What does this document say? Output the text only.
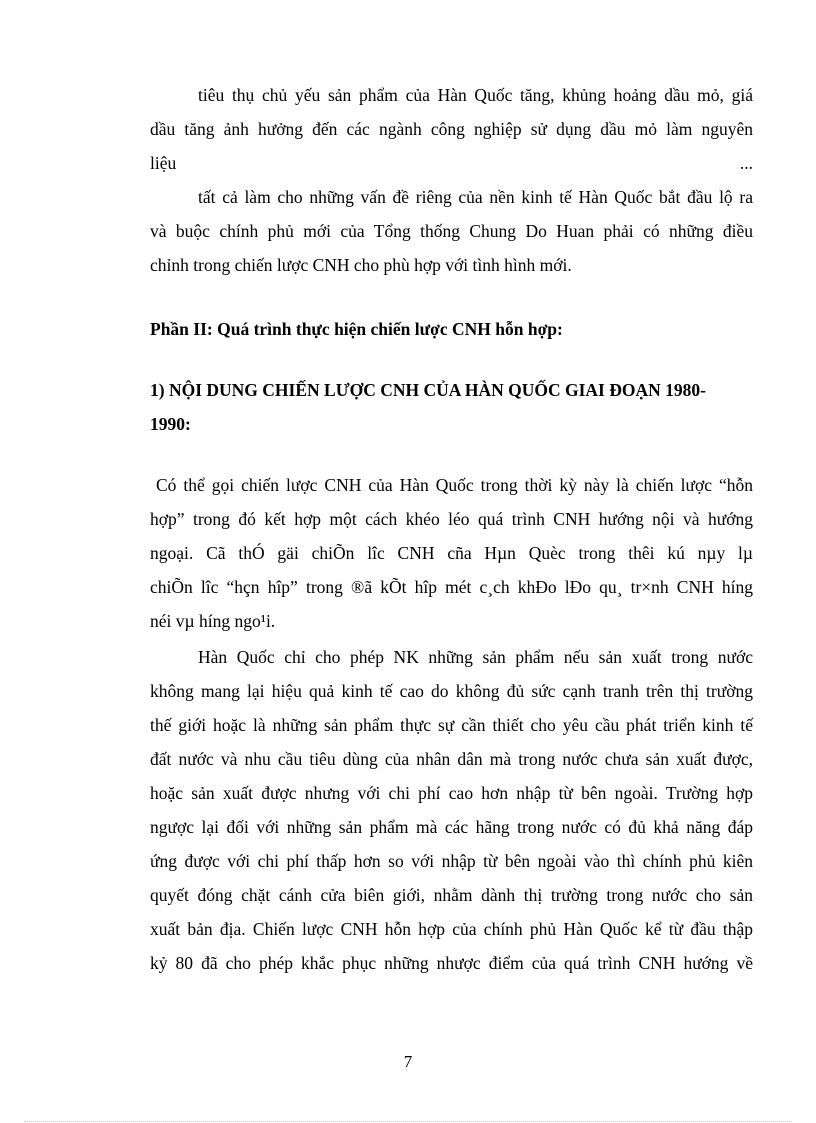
tiêu thụ chủ yếu sản phẩm của Hàn Quốc tăng, khủng hoảng dầu mỏ, giá
dầu tăng ảnh hưởng đến các ngành công nghiệp sử dụng dầu mỏ làm nguyên
liệu	...
tất cả làm cho những vấn đề riêng của nền kinh tế Hàn Quốc bắt đầu lộ ra
và buộc chính phủ mới của Tổng thống Chung Do Huan phải có những điều
chỉnh trong chiến lược CNH cho phù hợp với tình hình mới.

Phần II: Quá trình thực hiện chiến lược CNH hỗn hợp:

1) NỘI DUNG CHIẾN LƯỢC CNH CỦA HÀN QUỐC GIAI ĐOẠN 1980-
1990:

Có thể gọi chiến lược CNH của Hàn Quốc trong thời kỳ này là chiến lược “hỗn
hợp” trong đó kết hợp một cách khéo léo quá trình CNH hướng nội và hướng
ngoại. Cã thÓ gäi chiÕn lîc CNH cña Hµn Quèc trong thêi kú nµy lµ
chiÕn lîc “hçn hîp” trong ®ã kÕt hîp mét c¸ch khÐo lÐo qu¸ tr×nh CNH híng
néi vµ híng ngo¹i.
Hàn Quốc chỉ cho phép NK những sản phẩm nếu sản xuất trong nước
không mang lại hiệu quả kinh tế cao do không đủ sức cạnh tranh trên thị trường
thế giới hoặc là những sản phẩm thực sự cần thiết cho yêu cầu phát triển kinh tế
đất nước và nhu cầu tiêu dùng của nhân dân mà trong nước chưa sản xuất được,
hoặc sản xuất được nhưng với chi phí cao hơn nhập từ bên ngoài. Trường hợp
ngược lại đối với những sản phẩm mà các hãng trong nước có đủ khả năng đáp
ứng được với chi phí thấp hơn so với nhập từ bên ngoài vào thì chính phủ kiên
quyết đóng chặt cánh cửa biên giới, nhằm dành thị trường trong nước cho sản
xuất bản địa. Chiến lược CNH hỗn hợp của chính phủ Hàn Quốc kể từ đầu thập
kỷ 80 đã cho phép khắc phục những nhược điểm của quá trình CNH hướng về
7
